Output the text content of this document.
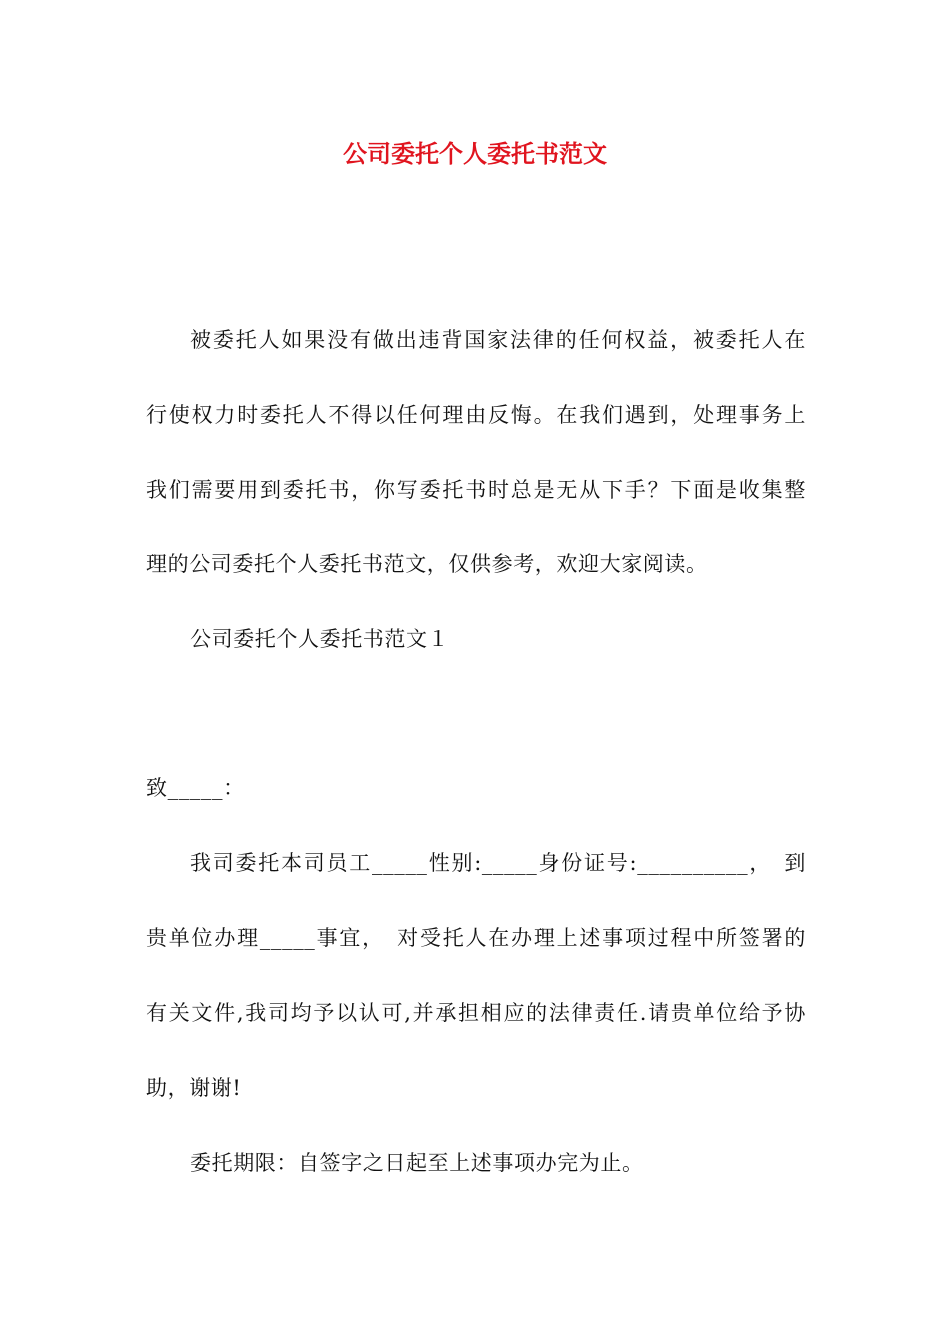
公司委托个人委托书范文
被委托人如果没有做出违背国家法律的任何权益，被委托人在
行使权力时委托人不得以任何理由反悔。在我们遇到，处理事务上
我们需要用到委托书，你写委托书时总是无从下手？下面是收集整
理的公司委托个人委托书范文，仅供参考，欢迎大家阅读。
公司委托个人委托书范文１
致_____：
我司委托本司员工_____性别:_____身份证号:__________，　到
贵单位办理_____事宜，　对受托人在办理上述事项过程中所签署的
有关文件,我司均予以认可,并承担相应的法律责任.请贵单位给予协
助，谢谢!
委托期限：自签字之日起至上述事项办完为止。
